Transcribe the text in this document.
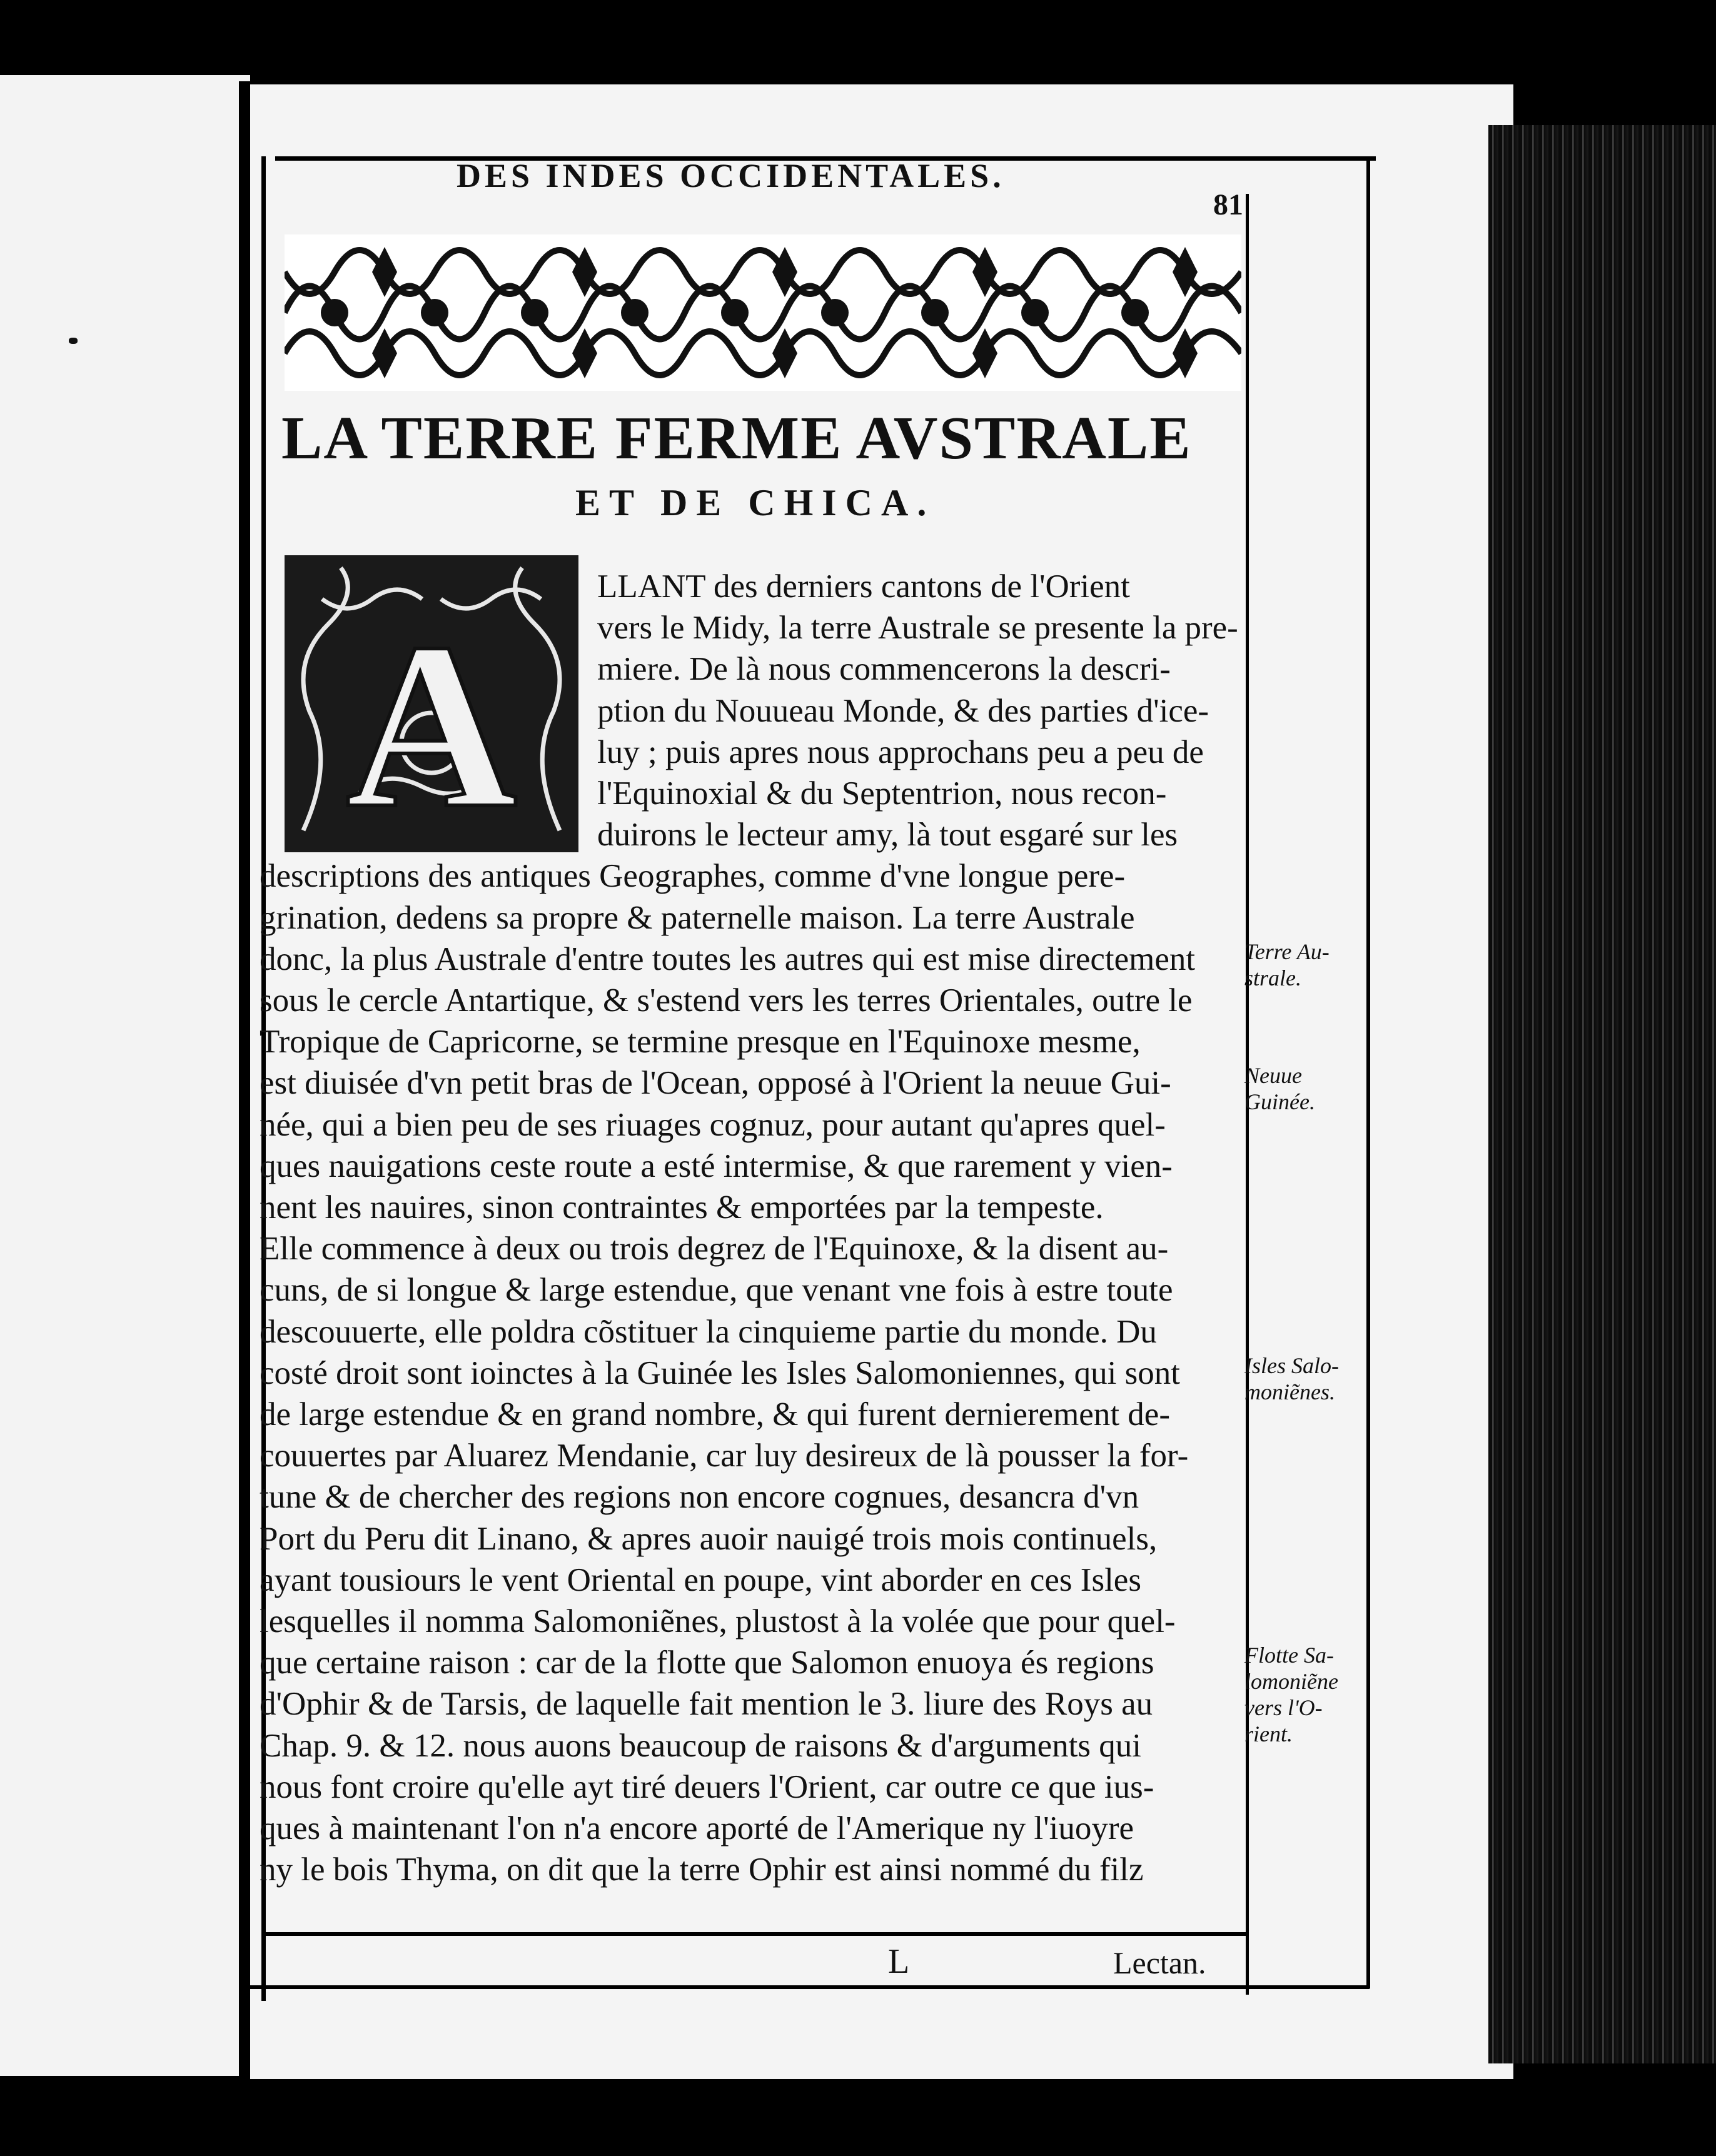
DES INDES OCCIDENTALES.
81
LA TERRE FERME AVSTRALE
ET DE CHICA.
A
LLANT des derniers cantons de l'Orient
vers le Midy, la terre Australe se presente la pre-
miere. De là nous commencerons la descri-
ption du Nouueau Monde, & des parties d'ice-
luy ; puis apres nous approchans peu a peu de
l'Equinoxial & du Septentrion, nous recon-
duirons le lecteur amy, là tout esgaré sur les
descriptions des antiques Geographes, comme d'vne longue pere-
grination, dedens sa propre & paternelle maison. La terre Australe
donc, la plus Australe d'entre toutes les autres qui est mise directement
sous le cercle Antartique, & s'estend vers les terres Orientales, outre le
Tropique de Capricorne, se termine presque en l'Equinoxe mesme,
est diuisée d'vn petit bras de l'Ocean, opposé à l'Orient la neuue Gui-
née, qui a bien peu de ses riuages cognuz, pour autant qu'apres quel-
ques nauigations ceste route a esté intermise, & que rarement y vien-
nent les nauires, sinon contraintes & emportées par la tempeste.
Elle commence à deux ou trois degrez de l'Equinoxe, & la disent au-
cuns, de si longue & large estendue, que venant vne fois à estre toute
descouuerte, elle poldra cõstituer la cinquieme partie du monde. Du
costé droit sont ioinctes à la Guinée les Isles Salomoniennes, qui sont
de large estendue & en grand nombre, & qui furent dernierement de-
couuertes par Aluarez Mendanie, car luy desireux de là pousser la for-
tune & de chercher des regions non encore cognues, desancra d'vn
Port du Peru dit Linano, & apres auoir nauigé trois mois continuels,
ayant tousiours le vent Oriental en poupe, vint aborder en ces Isles
lesquelles il nomma Salomoniẽnes, plustost à la volée que pour quel-
que certaine raison : car de la flotte que Salomon enuoya és regions
d'Ophir & de Tarsis, de laquelle fait mention le 3. liure des Roys au
Chap. 9. & 12. nous auons beaucoup de raisons & d'arguments qui
nous font croire qu'elle ayt tiré deuers l'Orient, car outre ce que ius-
ques à maintenant l'on n'a encore aporté de l'Amerique ny l'iuoyre
ny le bois Thyma, on dit que la terre Ophir est ainsi nommé du filz
Terre Au-strale.
Neuue Guinée.
Isles Salo-moniẽnes.
Flotte Sa-lomoniẽne vers l'O-rient.
L	Lectan.
